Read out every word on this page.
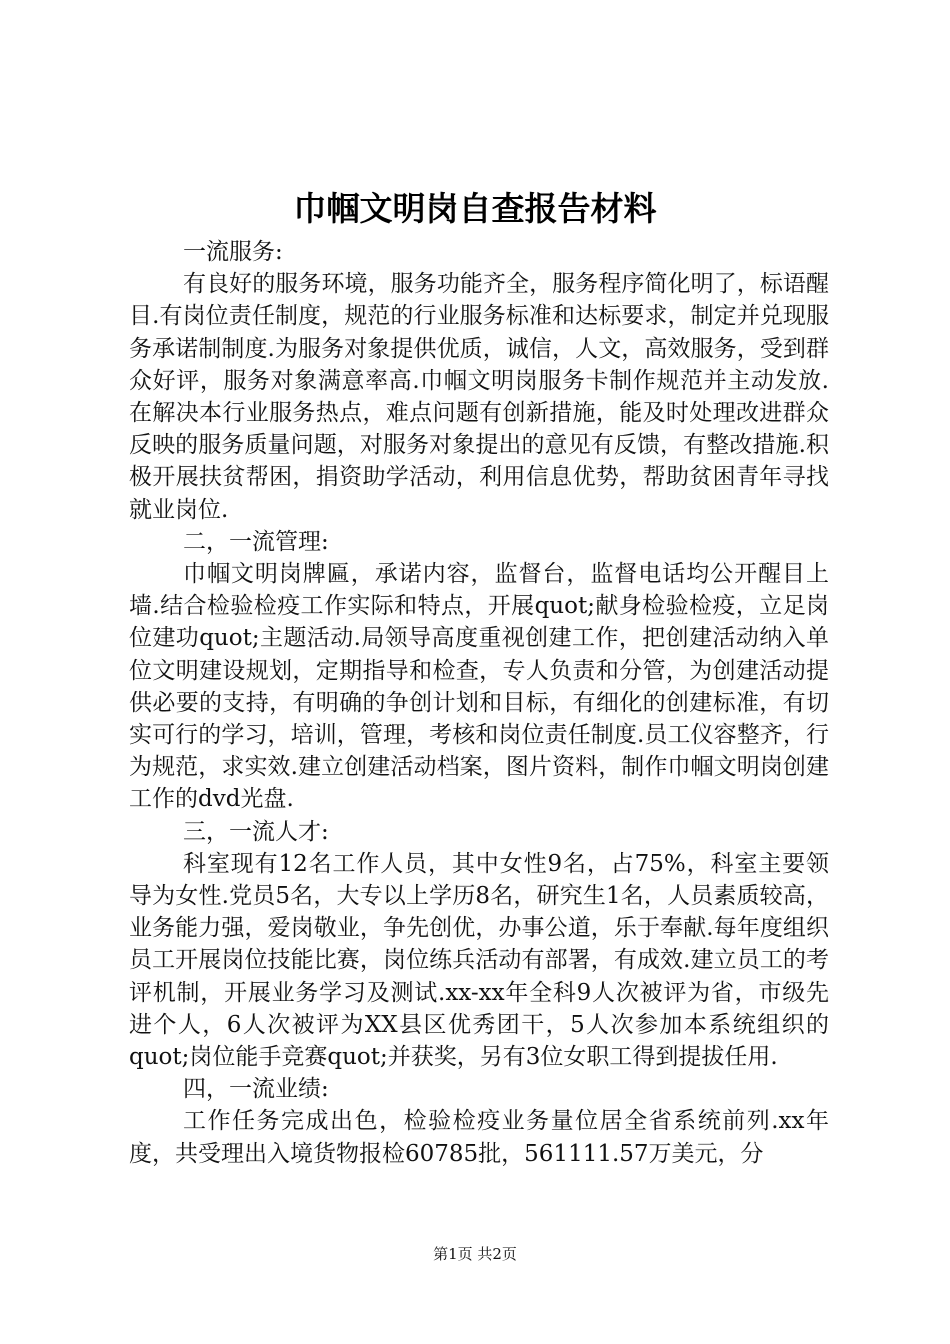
巾帼文明岗自查报告材料

一流服务:

有良好的服务环境，服务功能齐全，服务程序简化明了，标语醒目.有岗位责任制度，规范的行业服务标准和达标要求，制定并兑现服务承诺制制度.为服务对象提供优质，诚信，人文，高效服务，受到群众好评，服务对象满意率高.巾帼文明岗服务卡制作规范并主动发放.在解决本行业服务热点，难点问题有创新措施，能及时处理改进群众反映的服务质量问题，对服务对象提出的意见有反馈，有整改措施.积极开展扶贫帮困，捐资助学活动，利用信息优势，帮助贫困青年寻找就业岗位.

二，一流管理:

巾帼文明岗牌匾，承诺内容，监督台，监督电话均公开醒目上墙.结合检验检疫工作实际和特点，开展quot;献身检验检疫，立足岗位建功quot;主题活动.局领导高度重视创建工作，把创建活动纳入单位文明建设规划，定期指导和检查，专人负责和分管，为创建活动提供必要的支持，有明确的争创计划和目标，有细化的创建标准，有切实可行的学习，培训，管理，考核和岗位责任制度.员工仪容整齐，行为规范，求实效.建立创建活动档案，图片资料，制作巾帼文明岗创建工作的dvd光盘.

三，一流人才:

科室现有12名工作人员，其中女性9名，占75%，科室主要领导为女性.党员5名，大专以上学历8名，研究生1名，人员素质较高，业务能力强，爱岗敬业，争先创优，办事公道，乐于奉献.每年度组织员工开展岗位技能比赛，岗位练兵活动有部署，有成效.建立员工的考评机制，开展业务学习及测试.xx-xx年全科9人次被评为省，市级先进个人，6人次被评为XX县区优秀团干，5人次参加本系统组织的quot;岗位能手竞赛quot;并获奖，另有3位女职工得到提拔任用.

四，一流业绩:

工作任务完成出色，检验检疫业务量位居全省系统前列.xx年度，共受理出入境货物报检60785批，561111.57万美元，分

第1页 共2页
